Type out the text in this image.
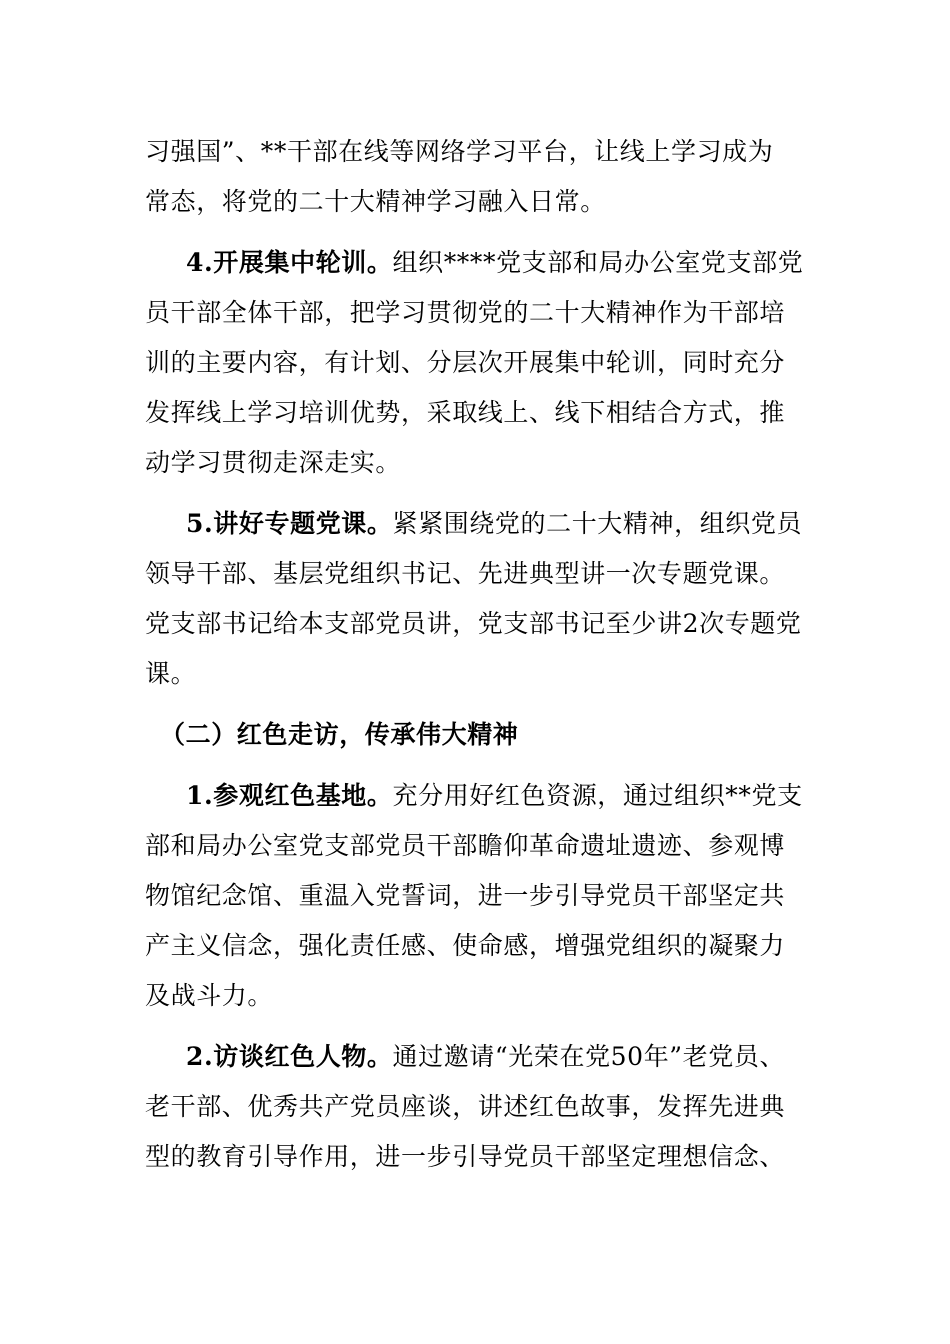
习强国”、**干部在线等网络学习平台，让线上学习成为
常态，将党的二十大精神学习融入日常。
4.开展集中轮训。组织****党支部和局办公室党支部党
员干部全体干部，把学习贯彻党的二十大精神作为干部培
训的主要内容，有计划、分层次开展集中轮训，同时充分
发挥线上学习培训优势，采取线上、线下相结合方式，推
动学习贯彻走深走实。
5.讲好专题党课。紧紧围绕党的二十大精神，组织党员
领导干部、基层党组织书记、先进典型讲一次专题党课。
党支部书记给本支部党员讲，党支部书记至少讲2次专题党
课。
（二）红色走访，传承伟大精神
1.参观红色基地。充分用好红色资源，通过组织**党支
部和局办公室党支部党员干部瞻仰革命遗址遗迹、参观博
物馆纪念馆、重温入党誓词，进一步引导党员干部坚定共
产主义信念，强化责任感、使命感，增强党组织的凝聚力
及战斗力。
2.访谈红色人物。通过邀请“光荣在党50年”老党员、
老干部、优秀共产党员座谈，讲述红色故事，发挥先进典
型的教育引导作用，进一步引导党员干部坚定理想信念、
